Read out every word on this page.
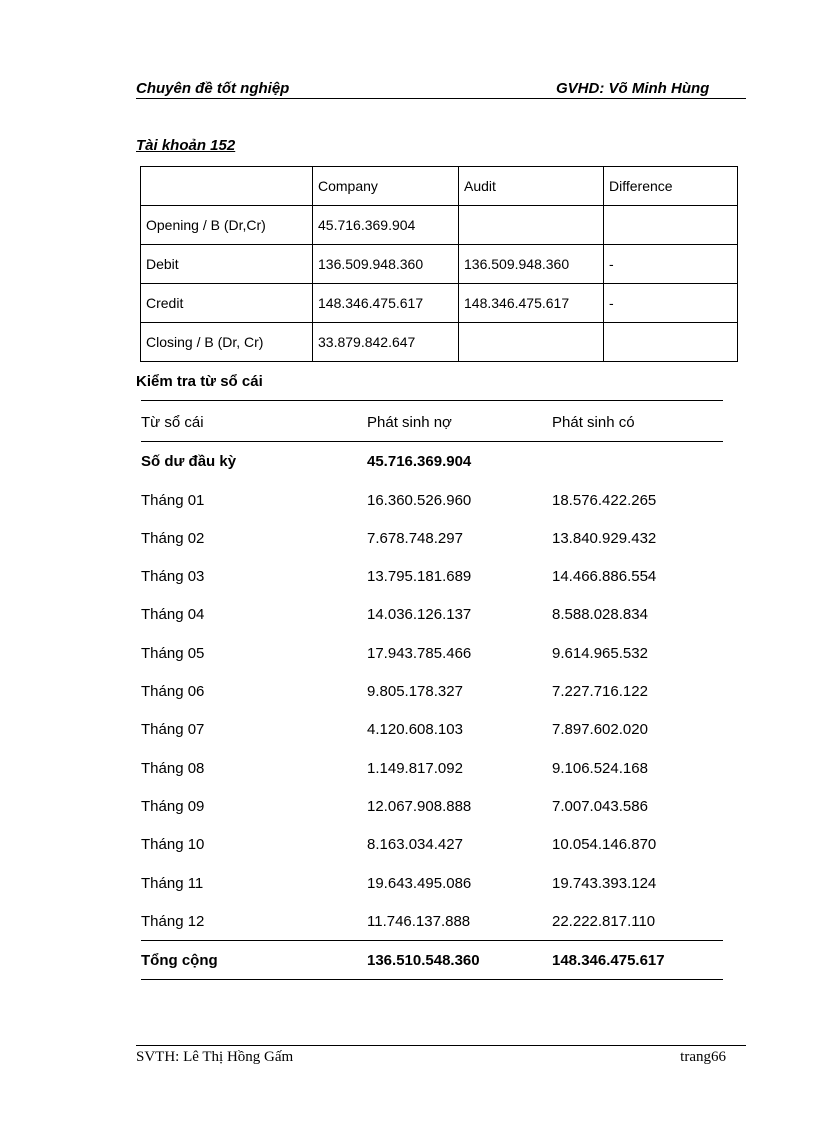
Chuyên đề tốt nghiệp	GVHD: Võ Minh Hùng
Tài khoản 152
	Company	Audit	Difference
Opening / B (Dr,Cr)	45.716.369.904		
Debit	136.509.948.360	136.509.948.360	-
Credit	148.346.475.617	148.346.475.617	-
Closing / B (Dr, Cr)	33.879.842.647		
Kiểm tra từ sổ cái
Từ sổ cái	Phát sinh nợ	Phát sinh có
Số dư đầu kỳ	45.716.369.904
Tháng 01	16.360.526.960	18.576.422.265
Tháng 02	7.678.748.297	13.840.929.432
Tháng 03	13.795.181.689	14.466.886.554
Tháng 04	14.036.126.137	8.588.028.834
Tháng 05	17.943.785.466	9.614.965.532
Tháng 06	9.805.178.327	7.227.716.122
Tháng 07	4.120.608.103	7.897.602.020
Tháng 08	1.149.817.092	9.106.524.168
Tháng 09	12.067.908.888	7.007.043.586
Tháng 10	8.163.034.427	10.054.146.870
Tháng 11	19.643.495.086	19.743.393.124
Tháng 12	11.746.137.888	22.222.817.110
Tổng cộng	136.510.548.360	148.346.475.617
SVTH: Lê Thị Hồng Gấm	trang66
